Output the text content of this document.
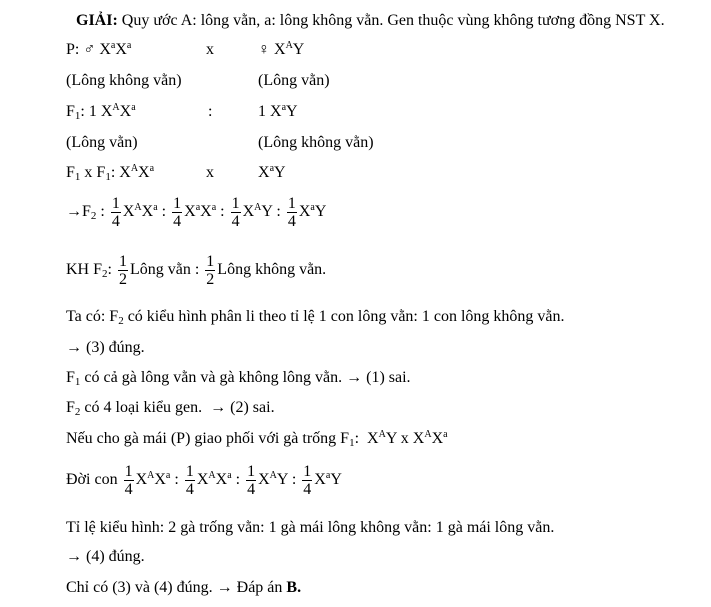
GIẢI: Quy ước A: lông vằn, a: lông không vằn. Gen thuộc vùng không tương đồng NST X.
P: ♂ $X^aX^a$	x	♀ $X^AY$
(Lông không vằn)	(Lông vằn)
$F_1$: 1 $X^AX^a$	:	1 $X^aY$
(Lông vằn)	(Lông không vằn)
$F_1$ x $F_1$: $X^AX^a$	x	$X^aY$
$\to F_2$ : $\frac{1}{4} X^AX^a$ : $\frac{1}{4} X^aX^a$ : $\frac{1}{4} X^AY$ : $\frac{1}{4} X^aY$
KH $F_2$: $\frac{1}{2}$ Lông vằn : $\frac{1}{2}$ Lông không vằn.
Ta có: $F_2$ có kiểu hình phân li theo tỉ lệ 1 con lông vằn: 1 con lông không vằn.
→ (3) đúng.
$F_1$ có cả gà lông vằn và gà không lông vằn. → (1) sai.
$F_2$ có 4 loại kiểu gen.  → (2) sai.
Nếu cho gà mái (P) giao phối với gà trống $F_1$:  $X^AY$ x $X^AX^a$
Đời con $\frac{1}{4} X^AX^a$ : $\frac{1}{4} X^AX^a$ : $\frac{1}{4} X^AY$ : $\frac{1}{4} X^aY$
Tỉ lệ kiểu hình: 2 gà trống vằn: 1 gà mái lông không vằn: 1 gà mái lông vằn.
→ (4) đúng.
Chỉ có (3) và (4) đúng. → Đáp án B.
